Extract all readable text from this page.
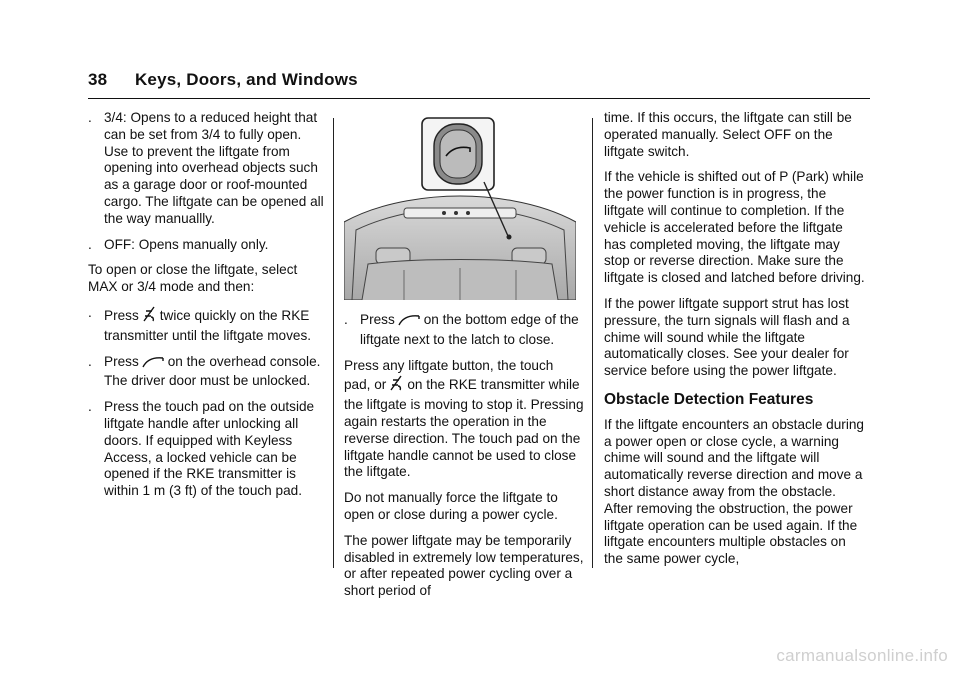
38 Keys, Doors, and Windows
. 3/4: Opens to a reduced height that can be set from 3/4 to fully open. Use to prevent the liftgate from opening into overhead objects such as a garage door or roof-mounted cargo. The liftgate can be opened all the way manuallly.
. OFF: Opens manually only.

To open or close the liftgate, select MAX or 3/4 mode and then:

. Press twice quickly on the RKE transmitter until the liftgate moves.
. Press on the overhead console. The driver door must be unlocked.
. Press the touch pad on the outside liftgate handle after unlocking all doors. If equipped with Keyless Access, a locked vehicle can be opened if the RKE transmitter is within 1 m (3 ft) of the touch pad.
. Press on the bottom edge of the liftgate next to the latch to close.

Press any liftgate button, the touch
pad, or on the RKE transmitter while the liftgate is moving to stop it. Pressing again restarts the operation in the reverse direction. The touch pad on the liftgate handle cannot be used to close the liftgate.

Do not manually force the liftgate to open or close during a power cycle.

The power liftgate may be temporarily disabled in extremely low temperatures, or after repeated power cycling over a short period of

time. If this occurs, the liftgate can still be operated manually. Select OFF on the liftgate switch.

If the vehicle is shifted out of P (Park) while the power function is in progress, the liftgate will continue to completion. If the vehicle is accelerated before the liftgate has completed moving, the liftgate may stop or reverse direction. Make sure the liftgate is closed and latched before driving.

If the power liftgate support strut has lost pressure, the turn signals will flash and a chime will sound while the liftgate automatically closes. See your dealer for service before using the power liftgate.

Obstacle Detection Features

If the liftgate encounters an obstacle during a power open or close cycle, a warning chime will sound and the liftgate will automatically reverse direction and move a short distance away from the obstacle. After removing the obstruction, the power liftgate operation can be used again. If the liftgate encounters multiple obstacles on the same power cycle,

carmanualsonline.info
